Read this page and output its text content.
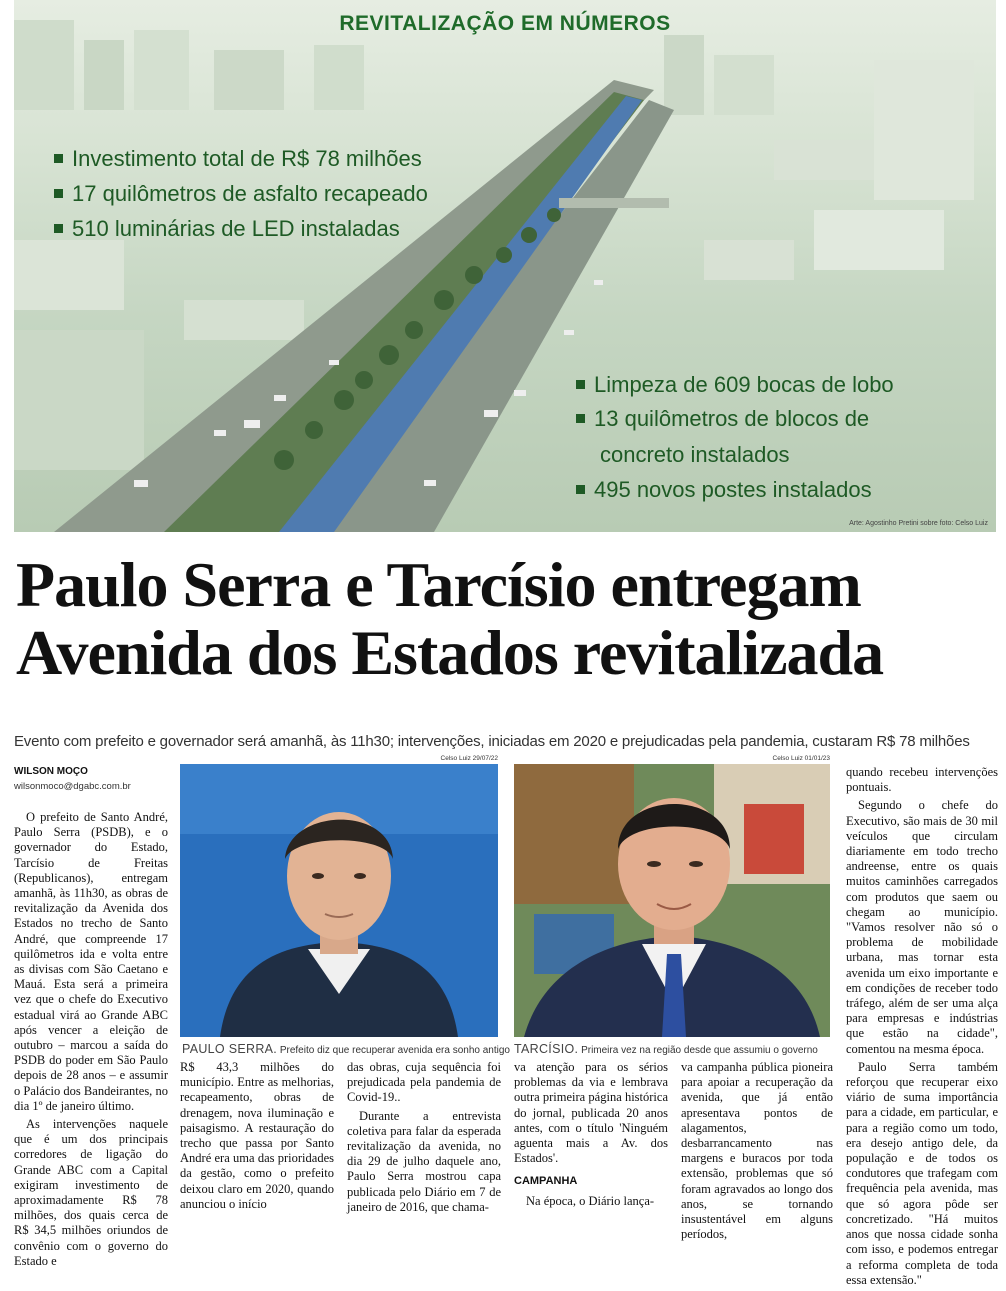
REVITALIZAÇÃO EM NÚMEROS
Investimento total de R$ 78 milhões
17 quilômetros de asfalto recapeado
510 luminárias de LED instaladas
Limpeza de 609 bocas de lobo
13 quilômetros de blocos de
concreto instalados
495 novos postes instalados
Arte: Agostinho Pretini sobre foto: Celso Luiz
Paulo Serra e Tarcísio entregam
Avenida dos Estados revitalizada
Evento com prefeito e governador será amanhã, às 11h30; intervenções, iniciadas em 2020 e prejudicadas pela pandemia, custaram R$ 78 milhões
WILSON MOÇO
wilsonmoco@dgabc.com.br

O prefeito de Santo André, Paulo Serra (PSDB), e o governador do Estado, Tarcísio de Freitas (Republicanos), entregam amanhã, às 11h30, as obras de revitalização da Avenida dos Estados no trecho de Santo André, que compreende 17 quilômetros ida e volta entre as divisas com São Caetano e Mauá. Esta será a primeira vez que o chefe do Executivo estadual virá ao Grande ABC após vencer a eleição de outubro – marcou a saída do PSDB do poder em São Paulo depois de 28 anos – e assumir o Palácio dos Bandeirantes, no dia 1º de janeiro último.

As intervenções naquele que é um dos principais corredores de ligação do Grande ABC com a Capital exigiram investimento de aproximadamente R$ 78 milhões, dos quais cerca de R$ 34,5 milhões oriundos de convênio com o governo do Estado e

Celso Luiz 29/07/22
PAULO SERRA. Prefeito diz que recuperar avenida era sonho antigo
Celso Luiz 01/01/23
TARCÍSIO. Primeira vez na região desde que assumiu o governo

R$ 43,3 milhões do município. Entre as melhorias, recapeamento, obras de drenagem, nova iluminação e paisagismo. A restauração do trecho que passa por Santo André era uma das prioridades da gestão, como o prefeito deixou claro em 2020, quando anunciou o início

das obras, cuja sequência foi prejudicada pela pandemia de Covid-19..

Durante a entrevista coletiva para falar da esperada revitalização da avenida, no dia 29 de julho daquele ano, Paulo Serra mostrou capa publicada pelo Diário em 7 de janeiro de 2016, que chama-

va atenção para os sérios problemas da via e lembrava outra primeira página histórica do jornal, publicada 20 anos antes, com o título 'Ninguém aguenta mais a Av. dos Estados'.

CAMPANHA

Na época, o Diário lança-

va campanha pública pioneira para apoiar a recuperação da avenida, que já então apresentava pontos de alagamentos, desbarrancamento nas margens e buracos por toda extensão, problemas que só foram agravados ao longo dos anos, se tornando insustentável em alguns períodos,

quando recebeu intervenções pontuais.

Segundo o chefe do Executivo, são mais de 30 mil veículos que circulam diariamente em todo trecho andreense, entre os quais muitos caminhões carregados com produtos que saem ou chegam ao município. "Vamos resolver não só o problema de mobilidade urbana, mas tornar esta avenida um eixo importante e em condições de receber todo tráfego, além de ser uma alça para empresas e indústrias que estão na cidade", comentou na mesma época.

Paulo Serra também reforçou que recuperar eixo viário de suma importância para a cidade, em particular, e para a região como um todo, era desejo antigo dele, da população e de todos os condutores que trafegam com frequência pela avenida, mas que só agora pôde ser concretizado. "Há muitos anos que nossa cidade sonha com isso, e podemos entregar a reforma completa de toda essa extensão."
